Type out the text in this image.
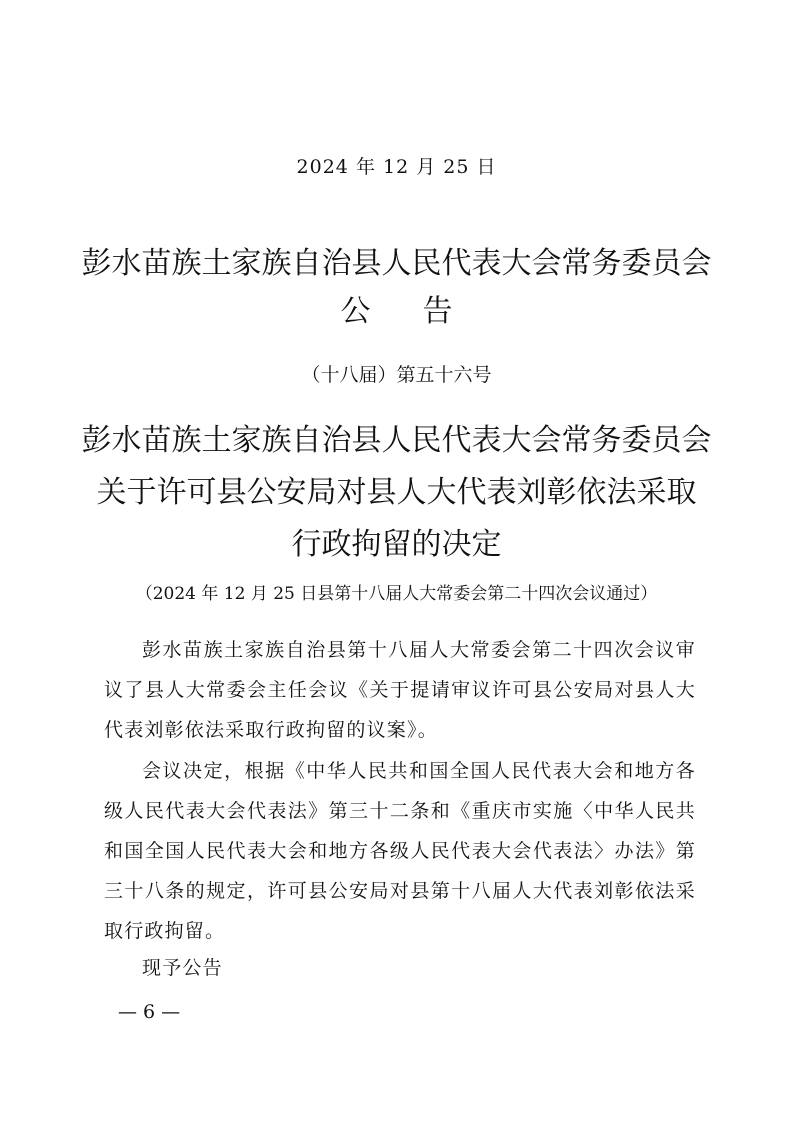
2024 年 12 月 25 日
彭水苗族土家族自治县人民代表大会常务委员会
公告
（十八届）第五十六号
彭水苗族土家族自治县人民代表大会常务委员会
关于许可县公安局对县人大代表刘彰依法采取
行政拘留的决定
（2024 年 12 月 25 日县第十八届人大常委会第二十四次会议通过）

彭水苗族土家族自治县第十八届人大常委会第二十四次会议审议了县人大常委会主任会议《关于提请审议许可县公安局对县人大代表刘彰依法采取行政拘留的议案》。

会议决定，根据《中华人民共和国全国人民代表大会和地方各级人民代表大会代表法》第三十二条和《重庆市实施〈中华人民共和国全国人民代表大会和地方各级人民代表大会代表法〉办法》第三十八条的规定，许可县公安局对县第十八届人大代表刘彰依法采取行政拘留。

现予公告
— 6 —
